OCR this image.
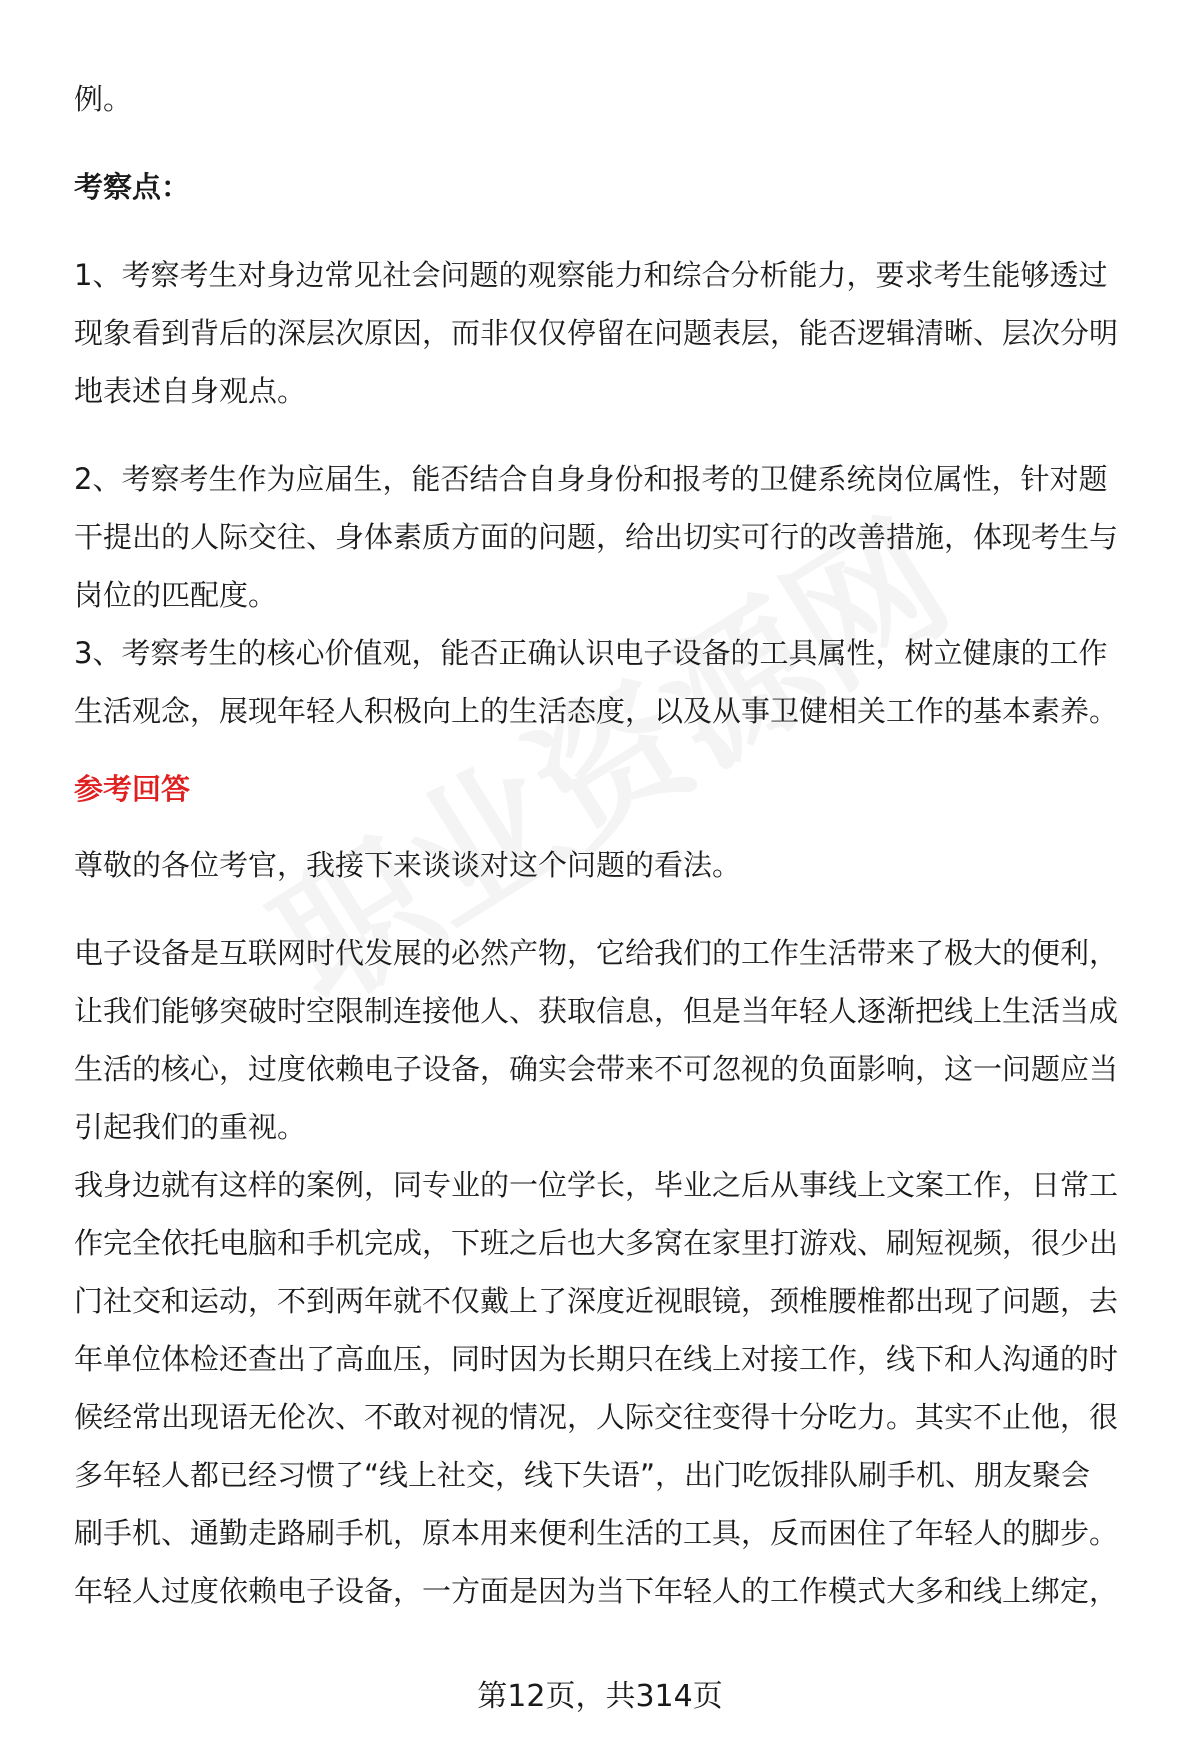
例。
考察点：
1、考察考生对身边常见社会问题的观察能力和综合分析能力，要求考生能够透过
现象看到背后的深层次原因，而非仅仅停留在问题表层，能否逻辑清晰、层次分明
地表述自身观点。
2、考察考生作为应届生，能否结合自身身份和报考的卫健系统岗位属性，针对题
干提出的人际交往、身体素质方面的问题，给出切实可行的改善措施，体现考生与
岗位的匹配度。
3、考察考生的核心价值观，能否正确认识电子设备的工具属性，树立健康的工作
生活观念，展现年轻人积极向上的生活态度，以及从事卫健相关工作的基本素养。
参考回答
尊敬的各位考官，我接下来谈谈对这个问题的看法。
电子设备是互联网时代发展的必然产物，它给我们的工作生活带来了极大的便利，
让我们能够突破时空限制连接他人、获取信息，但是当年轻人逐渐把线上生活当成
生活的核心，过度依赖电子设备，确实会带来不可忽视的负面影响，这一问题应当
引起我们的重视。
我身边就有这样的案例，同专业的一位学长，毕业之后从事线上文案工作，日常工
作完全依托电脑和手机完成，下班之后也大多窝在家里打游戏、刷短视频，很少出
门社交和运动，不到两年就不仅戴上了深度近视眼镜，颈椎腰椎都出现了问题，去
年单位体检还查出了高血压，同时因为长期只在线上对接工作，线下和人沟通的时
候经常出现语无伦次、不敢对视的情况，人际交往变得十分吃力。其实不止他，很
多年轻人都已经习惯了“线上社交，线下失语”，出门吃饭排队刷手机、朋友聚会
刷手机、通勤走路刷手机，原本用来便利生活的工具，反而困住了年轻人的脚步。
年轻人过度依赖电子设备，一方面是因为当下年轻人的工作模式大多和线上绑定，
第12页，共314页
